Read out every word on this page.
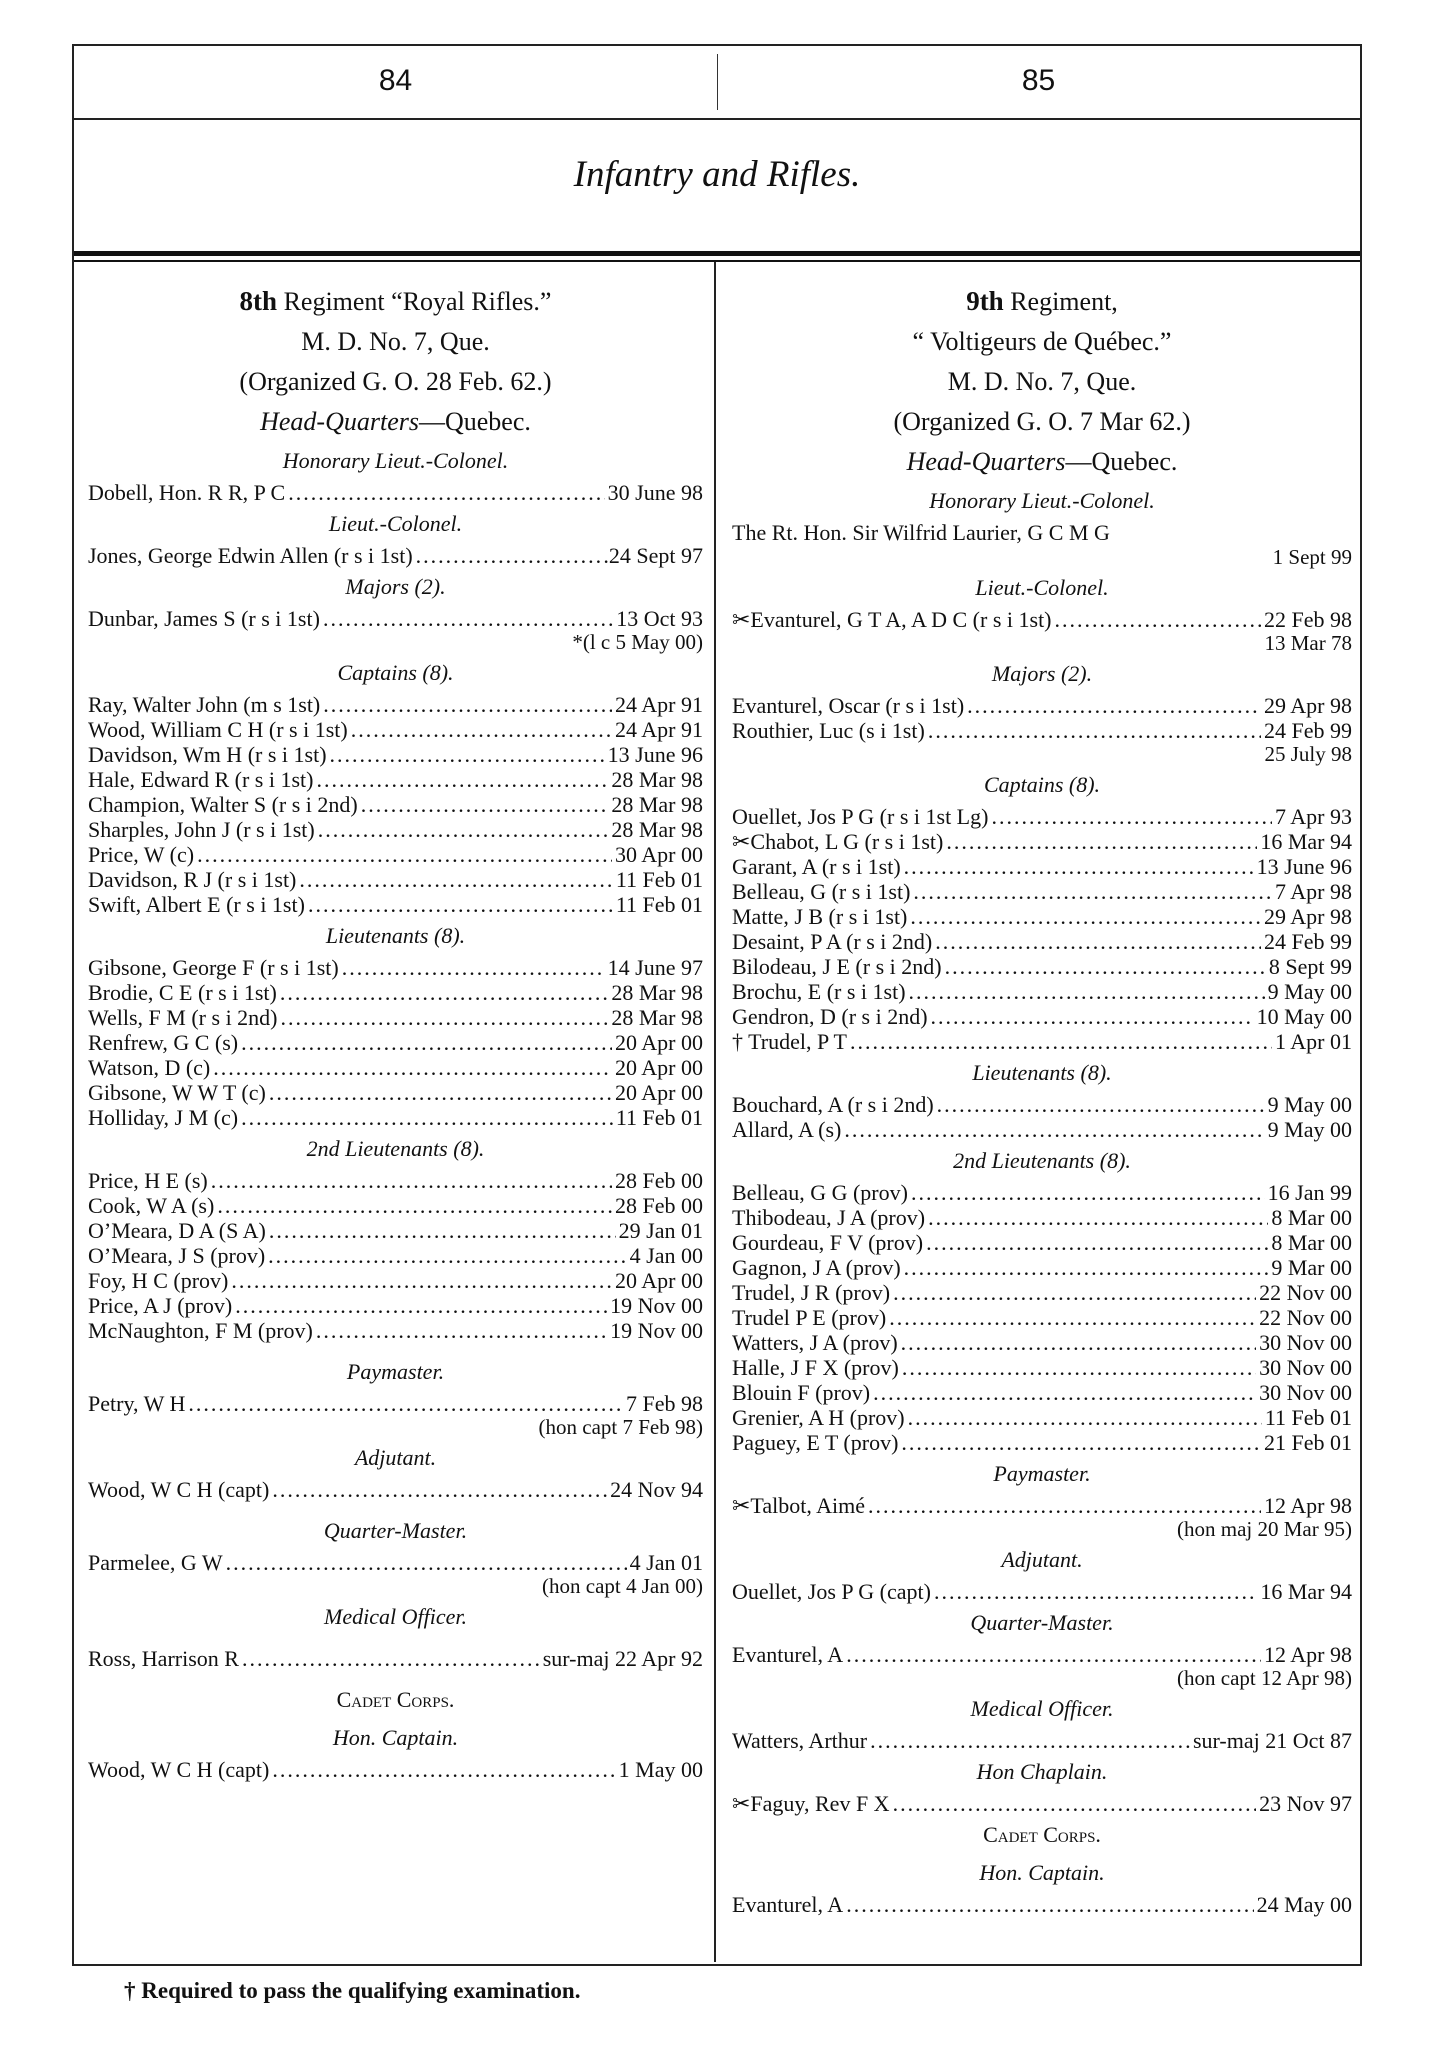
84	85
Infantry and Rifles.
8th Regiment “Royal Rifles.”
M. D. No. 7, Que.
(Organized G. O. 28 Feb. 62.)
Head-Quarters—Quebec.
Honorary Lieut.-Colonel.
Dobell, Hon. R R, P C .....	30 June 98
Lieut.-Colonel.
Jones, George Edwin Allen (r s i 1st) .....	.24 Sept 97
Majors (2).
Dunbar, James S (r s i 1st) .....	13 Oct 93
*(l c 5 May 00)
Captains (8).
Ray, Walter John (m s 1st) .....	24 Apr 91
Wood, William C H (r s i 1st) .....	24 Apr 91
Davidson, Wm H (r s i 1st) .....	13 June 96
Hale, Edward R (r s i 1st) .....	28 Mar 98
Champion, Walter S (r s i 2nd) .....	28 Mar 98
Sharples, John J (r s i 1st) .....	28 Mar 98
Price, W (c) .....	30 Apr 00
Davidson, R J (r s i 1st) .....	11 Feb 01
Swift, Albert E (r s i 1st) .....	11 Feb 01
Lieutenants (8).
Gibsone, George F (r s i 1st) .....	14 June 97
Brodie, C E (r s i 1st) .....	28 Mar 98
Wells, F M (r s i 2nd) .....	28 Mar 98
Renfrew, G C (s) .....	20 Apr 00
Watson, D (c) .....	20 Apr 00
Gibsone, W W T (c) .....	20 Apr 00
Holliday, J M (c) .....	11 Feb 01
2nd Lieutenants (8).
Price, H E (s) .....	28 Feb 00
Cook, W A (s) .....	28 Feb 00
O’Meara, D A (S A) .....	29 Jan 01
O’Meara, J S (prov) .....	4 Jan 00
Foy, H C (prov) .....	20 Apr 00
Price, A J (prov) .....	19 Nov 00
McNaughton, F M (prov) .....	19 Nov 00
Paymaster.
Petry, W H .....	7 Feb 98
(hon capt 7 Feb 98)
Adjutant.
Wood, W C H (capt) .....	24 Nov 94
Quarter-Master.
Parmelee, G W .....	4 Jan 01
(hon capt 4 Jan 00)
Medical Officer.
Ross, Harrison R .....	sur-maj 22 Apr 92
Cadet Corps.
Hon. Captain.
Wood, W C H (capt) .....	1 May 00
9th Regiment,
“ Voltigeurs de Québec.”
M. D. No. 7, Que.
(Organized G. O. 7 Mar 62.)
Head-Quarters—Quebec.
Honorary Lieut.-Colonel.
The Rt. Hon. Sir Wilfrid Laurier, G C M G
1 Sept 99
Lieut.-Colonel.
✂Evanturel, G T A, A D C (r s i 1st) .....	22 Feb 98
13 Mar 78
Majors (2).
Evanturel, Oscar (r s i 1st) .....	29 Apr 98
Routhier, Luc (s i 1st) .....	24 Feb 99
25 July 98
Captains (8).
Ouellet, Jos P G (r s i 1st Lg) .....	7 Apr 93
✂Chabot, L G (r s i 1st) .....	16 Mar 94
Garant, A (r s i 1st) .....	13 June 96
Belleau, G (r s i 1st) .....	7 Apr 98
Matte, J B (r s i 1st) .....	29 Apr 98
Desaint, P A (r s i 2nd) .....	24 Feb 99
Bilodeau, J E (r s i 2nd) .....	8 Sept 99
Brochu, E (r s i 1st) .....	9 May 00
Gendron, D (r s i 2nd) .....	10 May 00
† Trudel, P T .....	1 Apr 01
Lieutenants (8).
Bouchard, A (r s i 2nd) .....	9 May 00
Allard, A (s) .....	9 May 00
2nd Lieutenants (8).
Belleau, G G (prov) .....	16 Jan 99
Thibodeau, J A (prov) .....	8 Mar 00
Gourdeau, F V (prov) .....	8 Mar 00
Gagnon, J A (prov) .....	9 Mar 00
Trudel, J R (prov) .....	22 Nov 00
Trudel P E (prov) .....	22 Nov 00
Watters, J A (prov) .....	30 Nov 00
Halle, J F X (prov) .....	30 Nov 00
Blouin F (prov) .....	30 Nov 00
Grenier, A H (prov) .....	11 Feb 01
Paguey, E T (prov) .....	21 Feb 01
Paymaster.
✂Talbot, Aimé .....	12 Apr 98
(hon maj 20 Mar 95)
Adjutant.
Ouellet, Jos P G (capt) .....	16 Mar 94
Quarter-Master.
Evanturel, A .....	12 Apr 98
(hon capt 12 Apr 98)
Medical Officer.
Watters, Arthur .....	sur-maj 21 Oct 87
Hon Chaplain.
✂Faguy, Rev F X .....	23 Nov 97
Cadet Corps.
Hon. Captain.
Evanturel, A .....	24 May 00
† Required to pass the qualifying examination.
